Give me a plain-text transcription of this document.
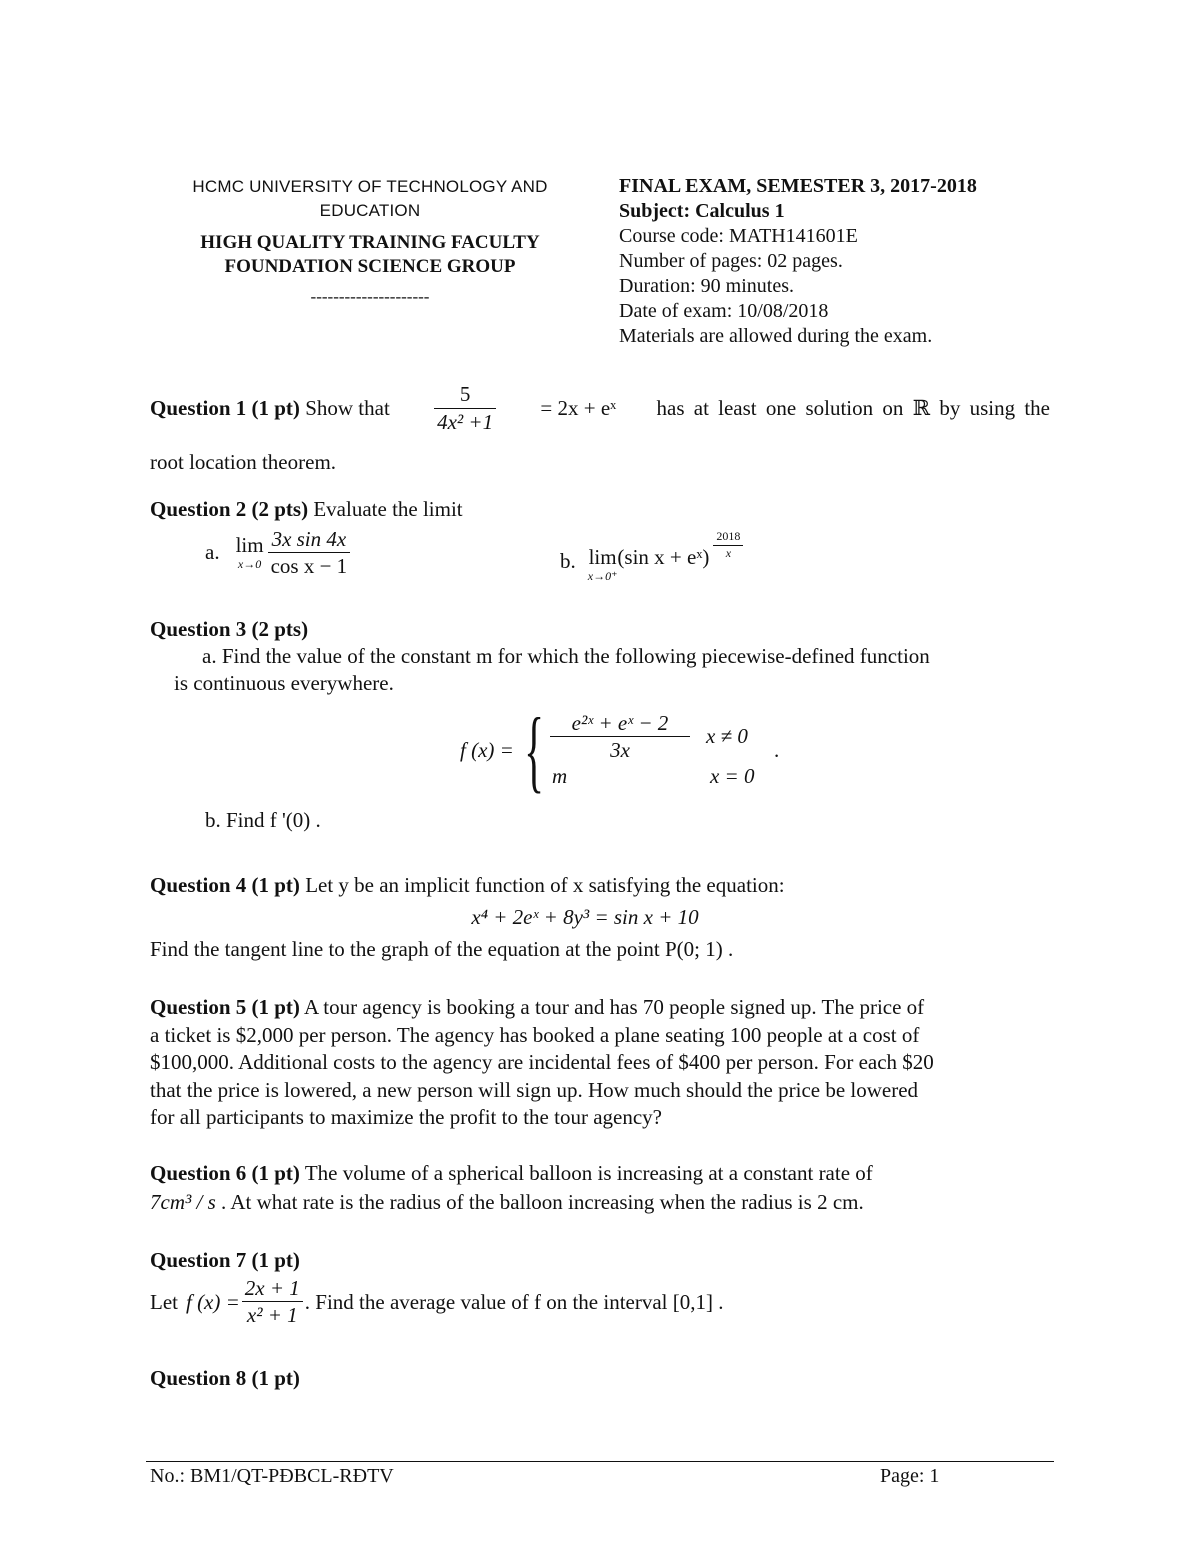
HCMC UNIVERSITY OF TECHNOLOGY AND EDUCATION
HIGH QUALITY TRAINING FACULTY
FOUNDATION SCIENCE GROUP
---------------------
FINAL EXAM, SEMESTER 3, 2017-2018
Subject: Calculus 1
Course code: MATH141601E
Number of pages: 02 pages.
Duration: 90 minutes.
Date of exam: 10/08/2018
Materials are allowed during the exam.
Question 1 (1 pt) Show that $\frac{5}{\text{4x² +1}} = 2x$ + eˣ has at least one solution on ℝ by using the
root location theorem.
Question 2 (2 pts) Evaluate the limit
a. lim
$x\to 0 \frac{\text{3x sin 4x}}{\text{cos x − 1}}$	b. lim
x→0⁺
(sin x + eˣ) $\frac{2018}{x}$
Question 3 (2 pts)
a. Find the value of the constant m for which the following piecewise-defined function
is continuous everywhere.
f (x) = { $\frac{\text{e²ˣ + eˣ − 2}}{3x}$ x ≠ 0
m	x = 0
.
b. Find f '(0) .
Question 4 (1 pt) Let y be an implicit function of x satisfying the equation:
x⁴ + 2eˣ + 8y³ = sin x + 10
Find the tangent line to the graph of the equation at the point P(0; 1) .
Question 5 (1 pt) A tour agency is booking a tour and has 70 people signed up. The price of
a ticket is $2,000 per person. The agency has booked a plane seating 100 people at a cost of
$100,000. Additional costs to the agency are incidental fees of $400 per person. For each $20
that the price is lowered, a new person will sign up. How much should the price be lowered
for all participants to maximize the profit to the tour agency?
Question 6 (1 pt) The volume of a spherical balloon is increasing at a constant rate of
7cm³ / s . At what rate is the radius of the balloon increasing when the radius is 2 cm.
Question 7 (1 pt)
Let f $(x) = \frac{2x + 1}{\text{x² + 1}}$ . Find the average value of f on the interval [0,1] .
Question 8 (1 pt)
No.: BM1/QT-PĐBCL-RĐTV	Page: 1
